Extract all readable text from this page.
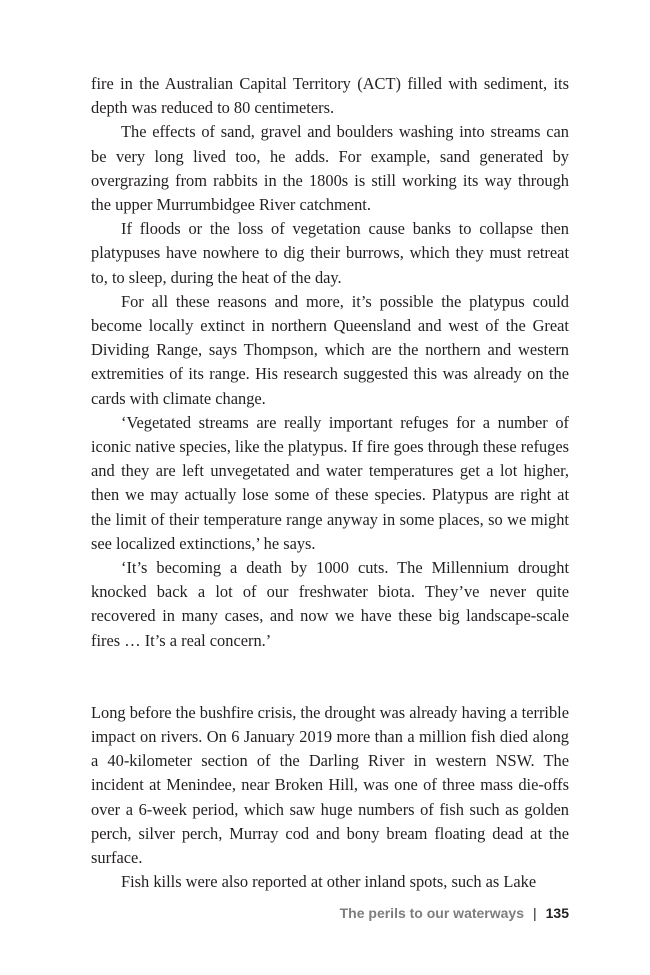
fire in the Australian Capital Territory (ACT) filled with sediment, its depth was reduced to 80 centimeters.

The effects of sand, gravel and boulders washing into streams can be very long lived too, he adds. For example, sand generated by overgrazing from rabbits in the 1800s is still working its way through the upper Murrumbidgee River catchment.

If floods or the loss of vegetation cause banks to collapse then platypuses have nowhere to dig their burrows, which they must retreat to, to sleep, during the heat of the day.

For all these reasons and more, it’s possible the platypus could become locally extinct in northern Queensland and west of the Great Dividing Range, says Thompson, which are the northern and western extremities of its range. His research suggested this was already on the cards with climate change.

‘Vegetated streams are really important refuges for a number of iconic native species, like the platypus. If fire goes through these refuges and they are left unvegetated and water temperatures get a lot higher, then we may actually lose some of these species. Platypus are right at the limit of their temperature range anyway in some places, so we might see localized extinctions,’ he says.

‘It’s becoming a death by 1000 cuts. The Millennium drought knocked back a lot of our freshwater biota. They’ve never quite recovered in many cases, and now we have these big landscape-scale fires … It’s a real concern.’

Long before the bushfire crisis, the drought was already having a terrible impact on rivers. On 6 January 2019 more than a million fish died along a 40-kilometer section of the Darling River in western NSW. The incident at Menindee, near Broken Hill, was one of three mass die-offs over a 6-week period, which saw huge numbers of fish such as golden perch, silver perch, Murray cod and bony bream floating dead at the surface.

Fish kills were also reported at other inland spots, such as Lake

The perils to our waterways | 135
